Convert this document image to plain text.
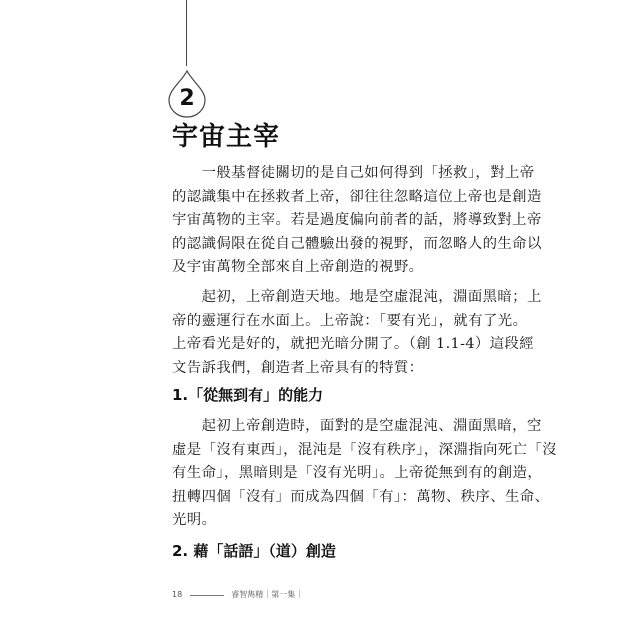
2
宇宙主宰
　　一般基督徒關切的是自己如何得到「拯救」，對上帝
的認識集中在拯救者上帝，卻往往忽略這位上帝也是創造
宇宙萬物的主宰。若是過度偏向前者的話，將導致對上帝
的認識侷限在從自己體驗出發的視野，而忽略人的生命以
及宇宙萬物全部來自上帝創造的視野。
　　起初，上帝創造天地。地是空虛混沌，淵面黑暗；上
帝的靈運行在水面上。上帝說：「要有光」，就有了光。
上帝看光是好的，就把光暗分開了。（創 1.1-4）這段經
文告訴我們，創造者上帝具有的特質：
1.「從無到有」的能力
　　起初上帝創造時，面對的是空虛混沌、淵面黑暗，空
虛是「沒有東西」，混沌是「沒有秩序」，深淵指向死亡「沒
有生命」，黑暗則是「沒有光明」。上帝從無到有的創造，
扭轉四個「沒有」而成為四個「有」：萬物、秩序、生命、
光明。
2. 藉「話語」（道）創造
18	睿智雋精｜第一集｜
